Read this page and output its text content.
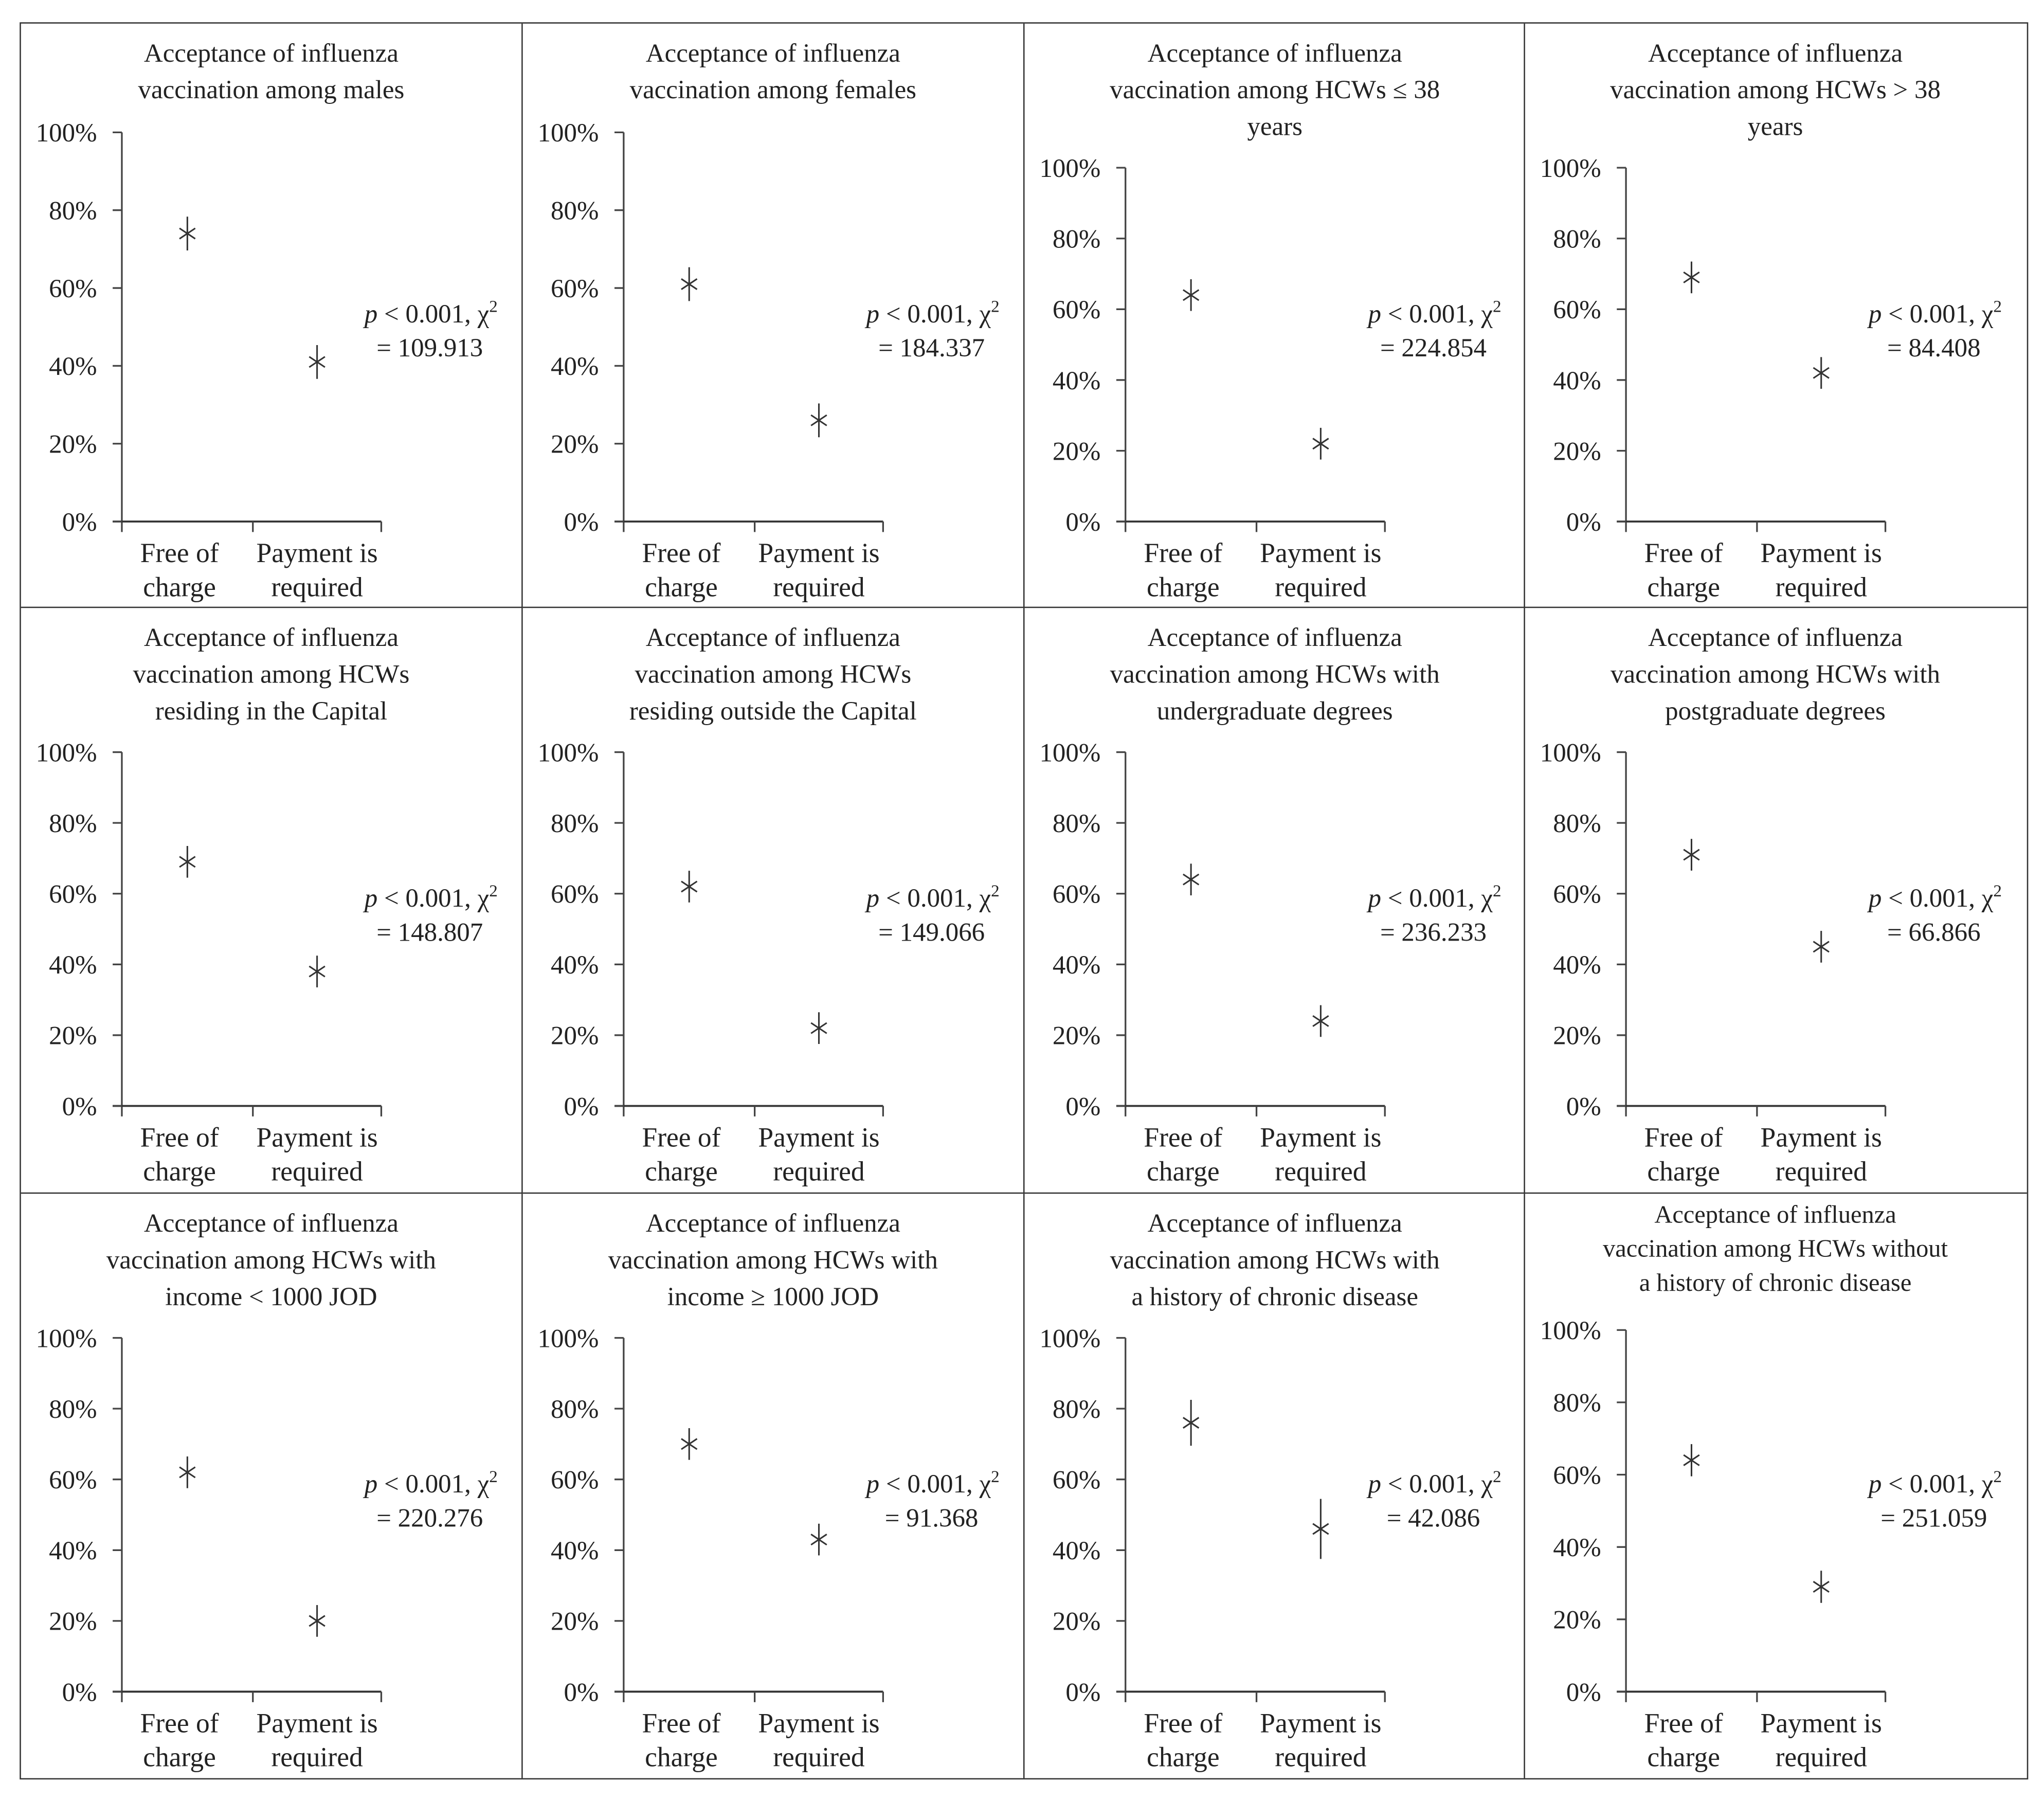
Acceptance of influenza
vaccination among males
0%
20%
40%
60%
80%
100%
Free of
charge
Payment is
required
p < 0.001, $\chi^2$
= 109.913
Acceptance of influenza
vaccination among females
0%
20%
40%
60%
80%
100%
Free of
charge
Payment is
required
p < 0.001, $\chi^2$
= 184.337
Acceptance of influenza
vaccination among HCWs ≤ 38
years
0%
20%
40%
60%
80%
100%
Free of
charge
Payment is
required
p < 0.001, $\chi^2$
= 224.854
Acceptance of influenza
vaccination among HCWs > 38
years
0%
20%
40%
60%
80%
100%
Free of
charge
Payment is
required
p < 0.001, $\chi^2$
= 84.408
Acceptance of influenza
vaccination among HCWs
residing in the Capital
0%
20%
40%
60%
80%
100%
Free of
charge
Payment is
required
p < 0.001, $\chi^2$
= 148.807
Acceptance of influenza
vaccination among HCWs
residing outside the Capital
0%
20%
40%
60%
80%
100%
Free of
charge
Payment is
required
p < 0.001, $\chi^2$
= 149.066
Acceptance of influenza
vaccination among HCWs with
undergraduate degrees
0%
20%
40%
60%
80%
100%
Free of
charge
Payment is
required
p < 0.001, $\chi^2$
= 236.233
Acceptance of influenza
vaccination among HCWs with
postgraduate degrees
0%
20%
40%
60%
80%
100%
Free of
charge
Payment is
required
p < 0.001, $\chi^2$
= 66.866
Acceptance of influenza
vaccination among HCWs with
income < 1000 JOD
0%
20%
40%
60%
80%
100%
Free of
charge
Payment is
required
p < 0.001, $\chi^2$
= 220.276
Acceptance of influenza
vaccination among HCWs with
income ≥ 1000 JOD
0%
20%
40%
60%
80%
100%
Free of
charge
Payment is
required
p < 0.001, $\chi^2$
= 91.368
Acceptance of influenza
vaccination among HCWs with
a history of chronic disease
0%
20%
40%
60%
80%
100%
Free of
charge
Payment is
required
p < 0.001, $\chi^2$
= 42.086
Acceptance of influenza
vaccination among HCWs without
a history of chronic disease
0%
20%
40%
60%
80%
100%
Free of
charge
Payment is
required
p < 0.001, $\chi^2$
= 251.059
